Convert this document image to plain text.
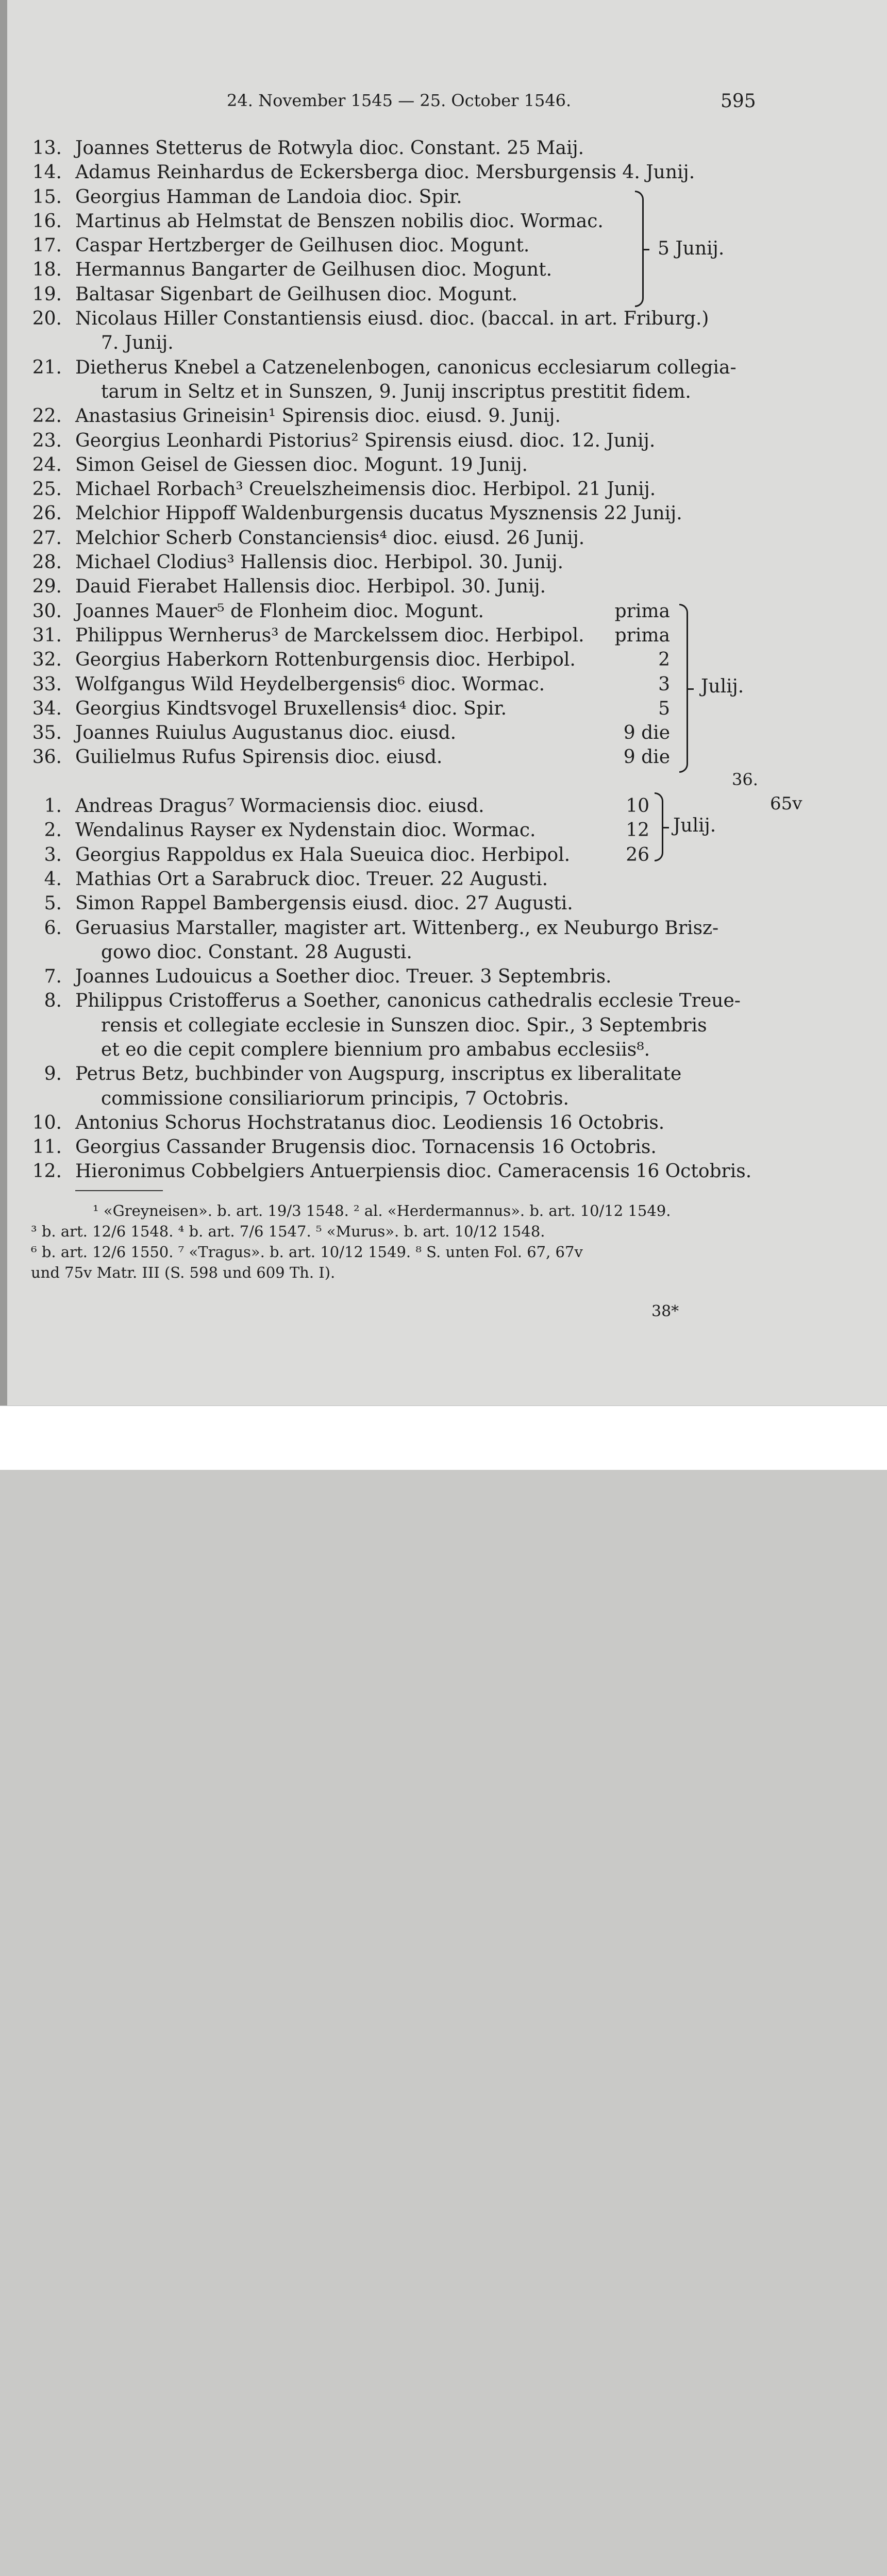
24. November 1545 — 25. October 1546.	595
13. Joannes Stetterus de Rotwyla dioc. Constant. 25 Maij.
14. Adamus Reinhardus de Eckersberga dioc. Mersburgensis 4. Junij.
15. Georgius Hamman de Landoia dioc. Spir.
16. Martinus ab Helmstat de Benszen nobilis dioc. Wormac.
17. Caspar Hertzberger de Geilhusen dioc. Mogunt.
18. Hermannus Bangarter de Geilhusen dioc. Mogunt.
19. Baltasar Sigenbart de Geilhusen dioc. Mogunt.
20. Nicolaus Hiller Constantiensis eiusd. dioc. (baccal. in art. Friburg.)
7. Junij.
21. Dietherus Knebel a Catzenelenbogen, canonicus ecclesiarum collegia-
tarum in Seltz et in Sunszen, 9. Junij inscriptus prestitit fidem.
22. Anastasius Grineisin¹ Spirensis dioc. eiusd. 9. Junij.
23. Georgius Leonhardi Pistorius² Spirensis eiusd. dioc. 12. Junij.
24. Simon Geisel de Giessen dioc. Mogunt. 19 Junij.
25. Michael Rorbach³ Creuelszheimensis dioc. Herbipol. 21 Junij.
26. Melchior Hippoff Waldenburgensis ducatus Mysznensis 22 Junij.
27. Melchior Scherb Constanciensis⁴ dioc. eiusd. 26 Junij.
28. Michael Clodius³ Hallensis dioc. Herbipol. 30. Junij.
29. Dauid Fierabet Hallensis dioc. Herbipol. 30. Junij.
30. Joannes Mauer⁵ de Flonheim dioc. Mogunt.	prima
31. Philippus Wernherus³ de Marckelssem dioc. Herbipol.	prima
32. Georgius Haberkorn Rottenburgensis dioc. Herbipol.	2
33. Wolfgangus Wild Heydelbergensis⁶ dioc. Wormac.	3
34. Georgius Kindtsvogel Bruxellensis⁴ dioc. Spir.	5
35. Joannes Ruiulus Augustanus dioc. eiusd.	9 die
36. Guilielmus Rufus Spirensis dioc. eiusd.	9 die
1. Andreas Dragus⁷ Wormaciensis dioc. eiusd.	10
2. Wendalinus Rayser ex Nydenstain dioc. Wormac.	12
3. Georgius Rappoldus ex Hala Sueuica dioc. Herbipol.	26
4. Mathias Ort a Sarabruck dioc. Treuer. 22 Augusti.
5. Simon Rappel Bambergensis eiusd. dioc. 27 Augusti.
6. Geruasius Marstaller, magister art. Wittenberg., ex Neuburgo Brisz-
gowo dioc. Constant. 28 Augusti.
7. Joannes Ludouicus a Soether dioc. Treuer. 3 Septembris.
8. Philippus Cristofferus a Soether, canonicus cathedralis ecclesie Treue-
rensis et collegiate ecclesie in Sunszen dioc. Spir., 3 Septembris
et eo die cepit complere biennium pro ambabus ecclesiis⁸.
9. Petrus Betz, buchbinder von Augspurg, inscriptus ex liberalitate
commissione consiliariorum principis, 7 Octobris.
10. Antonius Schorus Hochstratanus dioc. Leodiensis 16 Octobris.
11. Georgius Cassander Brugensis dioc. Tornacensis 16 Octobris.
12. Hieronimus Cobbelgiers Antuerpiensis dioc. Cameracensis 16 Octobris.
5 Junij.
Julij.
Julij.
36.
65v
¹ «Greyneisen». b. art. 19/3 1548. ² al. «Herdermannus». b. art. 10/12 1549.
³ b. art. 12/6 1548. ⁴ b. art. 7/6 1547. ⁵ «Murus». b. art. 10/12 1548.
⁶ b. art. 12/6 1550. ⁷ «Tragus». b. art. 10/12 1549. ⁸ S. unten Fol. 67, 67v
und 75v Matr. III (S. 598 und 609 Th. I).
38*
